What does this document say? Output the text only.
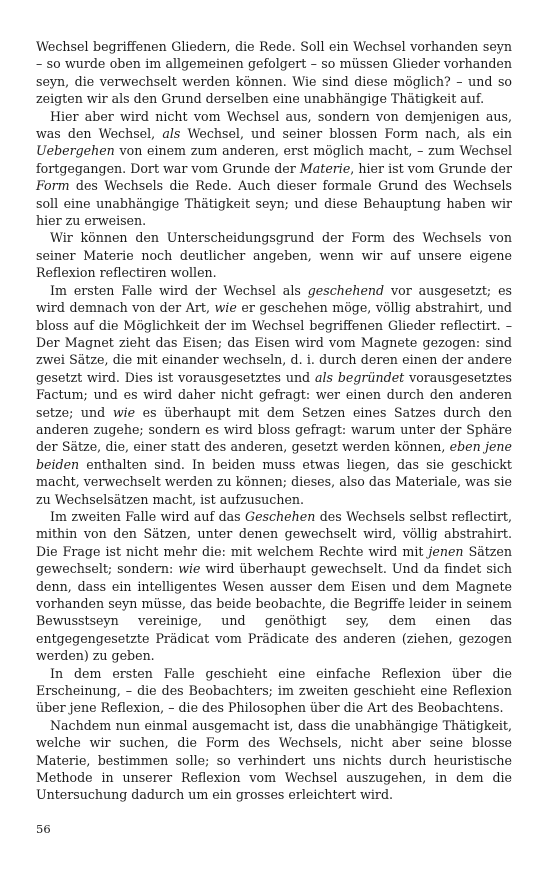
Wechsel begriffenen Gliedern, die Rede. Soll ein Wechsel vorhanden seyn – so wurde oben im allgemeinen gefolgert – so müssen Glieder vorhanden seyn, die verwechselt werden können. Wie sind diese möglich? – und so zeigten wir als den Grund derselben eine unabhängige Thätigkeit auf.

Hier aber wird nicht vom Wechsel aus, sondern von demjenigen aus, was den Wechsel, als Wechsel, und seiner blossen Form nach, als ein Uebergehen von einem zum anderen, erst möglich macht, – zum Wechsel fortgegangen. Dort war vom Grunde der Materie, hier ist vom Grunde der Form des Wechsels die Rede. Auch dieser formale Grund des Wechsels soll eine unabhängige Thätigkeit seyn; und diese Behauptung haben wir hier zu erweisen.

Wir können den Unterscheidungsgrund der Form des Wechsels von seiner Materie noch deutlicher angeben, wenn wir auf unsere eigene Reflexion reflectiren wollen.

Im ersten Falle wird der Wechsel als geschehend vor ausgesetzt; es wird demnach von der Art, wie er geschehen möge, völlig abstrahirt, und bloss auf die Möglichkeit der im Wechsel begriffenen Glieder reflectirt. – Der Magnet zieht das Eisen; das Eisen wird vom Magnete gezogen: sind zwei Sätze, die mit einander wechseln, d. i. durch deren einen der andere gesetzt wird. Dies ist vorausgesetztes und als begründet vorausgesetztes Factum; und es wird daher nicht gefragt: wer einen durch den anderen setze; und wie es überhaupt mit dem Setzen eines Satzes durch den anderen zugehe; sondern es wird bloss gefragt: warum unter der Sphäre der Sätze, die, einer statt des anderen, gesetzt werden können, eben jene beiden enthalten sind. In beiden muss etwas liegen, das sie geschickt macht, verwechselt werden zu können; dieses, also das Materiale, was sie zu Wechselsätzen macht, ist aufzusuchen.

Im zweiten Falle wird auf das Geschehen des Wechsels selbst reflectirt, mithin von den Sätzen, unter denen gewechselt wird, völlig abstrahirt. Die Frage ist nicht mehr die: mit welchem Rechte wird mit jenen Sätzen gewechselt; sondern: wie wird überhaupt gewechselt. Und da findet sich denn, dass ein intelligentes Wesen ausser dem Eisen und dem Magnete vorhanden seyn müsse, das beide beobachte, die Begriffe leider in seinem Bewusstseyn vereinige, und genöthigt sey, dem einen das entgegengesetzte Prädicat vom Prädicate des anderen (ziehen, gezogen werden) zu geben.

In dem ersten Falle geschieht eine einfache Reflexion über die Erscheinung, – die des Beobachters; im zweiten geschieht eine Reflexion über jene Reflexion, – die des Philosophen über die Art des Beobachtens.

Nachdem nun einmal ausgemacht ist, dass die unabhängige Thätigkeit, welche wir suchen, die Form des Wechsels, nicht aber seine blosse Materie, bestimmen solle; so verhindert uns nichts durch heuristische Methode in unserer Reflexion vom Wechsel auszugehen, in dem die Untersuchung dadurch um ein grosses erleichtert wird.

56
